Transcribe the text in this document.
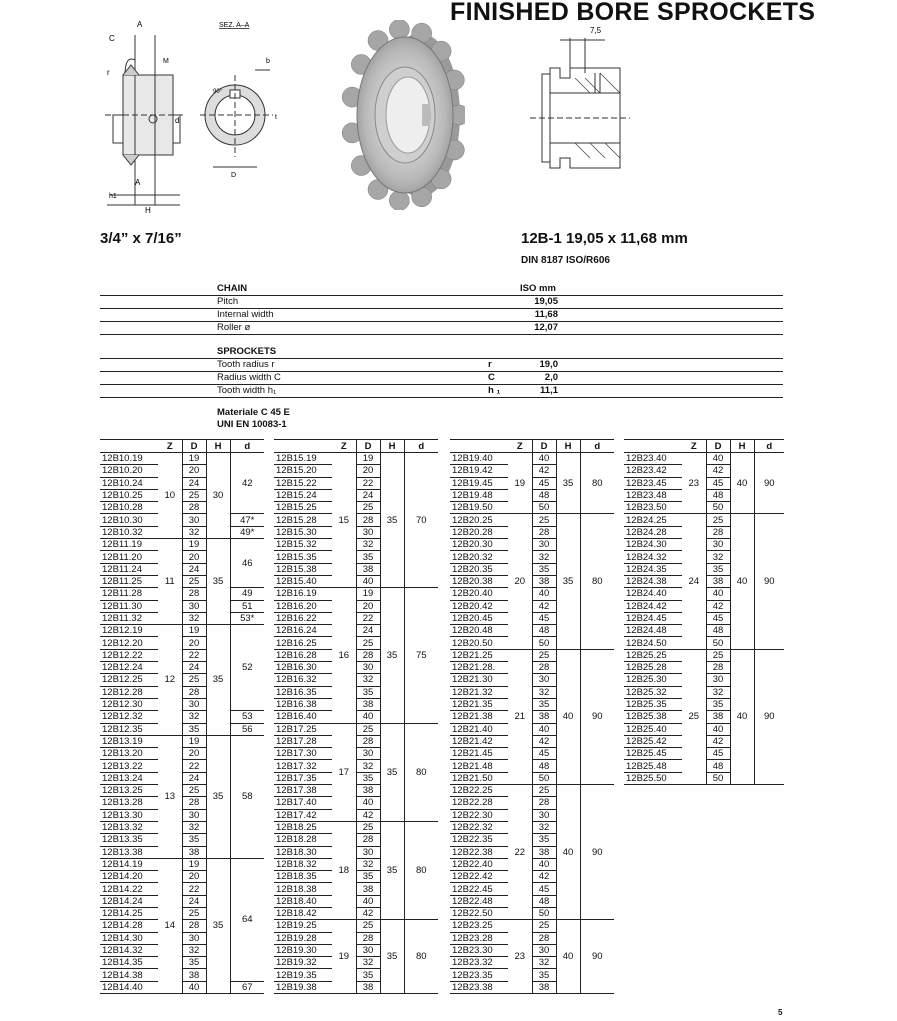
FINISHED BORE SPROCKETS
A
C
M
r
d
A
h1
H
SEZ. A–A
b
t
90°
D
7,5
3/4” x 7/16”	12B-1 19,05 x 11,68 mm
DIN 8187 ISO/R606
CHAIN	ISO mm
Pitch	19,05
Internal width	11,68
Roller ø	12,07
SPROCKETS
Tooth radius r	r	19,0
Radius width C	C	2,0
Tooth width h₁	h ₁	11,1
Materiale C 45 E
UNI EN 10083-1
	Z	D	H	d
12B10.19	10	19	30	42
12B10.20		20		
12B10.24		24		
12B10.25		25		
12B10.28		28		
12B10.30		30		47*
12B10.32		32		49*
12B11.19	11	19	35	46
12B11.20		20		
12B11.24		24		
12B11.25		25		
12B11.28		28		49
12B11.30		30		51
12B11.32		32		53*
12B12.19	12	19	35	52
12B12.20		20		
12B12.22		22		
12B12.24		24		
12B12.25		25		
12B12.28		28		
12B12.30		30		
12B12.32		32		53
12B12.35		35		56
12B13.19	13	19	35	58
12B13.20		20		
12B13.22		22		
12B13.24		24		
12B13.25		25		
12B13.28		28		
12B13.30		30		
12B13.32		32		
12B13.35		35		
12B13.38		38		
12B14.19	14	19	35	64
12B14.20		20		
12B14.22		22		
12B14.24		24		
12B14.25		25		
12B14.28		28		
12B14.30		30		
12B14.32		32		
12B14.35		35		
12B14.38		38		
12B14.40		40		67
	Z	D	H	d
12B15.19	15	19	35	70
12B15.20		20		
12B15.22		22		
12B15.24		24		
12B15.25		25		
12B15.28		28		
12B15.30		30		
12B15.32		32		
12B15.35		35		
12B15.38		38		
12B15.40		40		
12B16.19	16	19	35	75
12B16.20		20		
12B16.22		22		
12B16.24		24		
12B16.25		25		
12B16.28		28		
12B16.30		30		
12B16.32		32		
12B16.35		35		
12B16.38		38		
12B16.40		40		
12B17.25	17	25	35	80
12B17.28		28		
12B17.30		30		
12B17.32		32		
12B17.35		35		
12B17.38		38		
12B17.40		40		
12B17.42		42		
12B18.25	18	25	35	80
12B18.28		28		
12B18.30		30		
12B18.32		32		
12B18.35		35		
12B18.38		38		
12B18.40		40		
12B18.42		42		
12B19.25	19	25	35	80
12B19.28		28		
12B19.30		30		
12B19.32		32		
12B19.35		35		
12B19.38		38		
	Z	D	H	d
12B19.40	19	40	35	80
12B19.42		42		
12B19.45		45		
12B19.48		48		
12B19.50		50		
12B20.25	20	25	35	80
12B20.28		28		
12B20.30		30		
12B20.32		32		
12B20.35		35		
12B20.38		38		
12B20.40		40		
12B20.42		42		
12B20.45		45		
12B20.48		48		
12B20.50		50		
12B21.25	21	25	40	90
12B21.28.		28		
12B21.30		30		
12B21.32		32		
12B21.35		35		
12B21.38		38		
12B21.40		40		
12B21.42		42		
12B21.45		45		
12B21.48		48		
12B21.50		50		
12B22.25	22	25	40	90
12B22.28		28		
12B22.30		30		
12B22.32		32		
12B22.35		35		
12B22.38		38		
12B22.40		40		
12B22.42		42		
12B22.45		45		
12B22.48		48		
12B22.50		50		
12B23.25	23	25	40	90
12B23.28		28		
12B23.30		30		
12B23.32		32		
12B23.35		35		
12B23.38		38		
	Z	D	H	d
12B23.40	23	40	40	90
12B23.42		42		
12B23.45		45		
12B23.48		48		
12B23.50		50		
12B24.25	24	25	40	90
12B24.28		28		
12B24.30		30		
12B24.32		32		
12B24.35		35		
12B24.38		38		
12B24.40		40		
12B24.42		42		
12B24.45		45		
12B24.48		48		
12B24.50		50		
12B25.25	25	25	40	90
12B25.28		28		
12B25.30		30		
12B25.32		32		
12B25.35		35		
12B25.38		38		
12B25.40		40		
12B25.42		42		
12B25.45		45		
12B25.48		48		
12B25.50		50		
5
